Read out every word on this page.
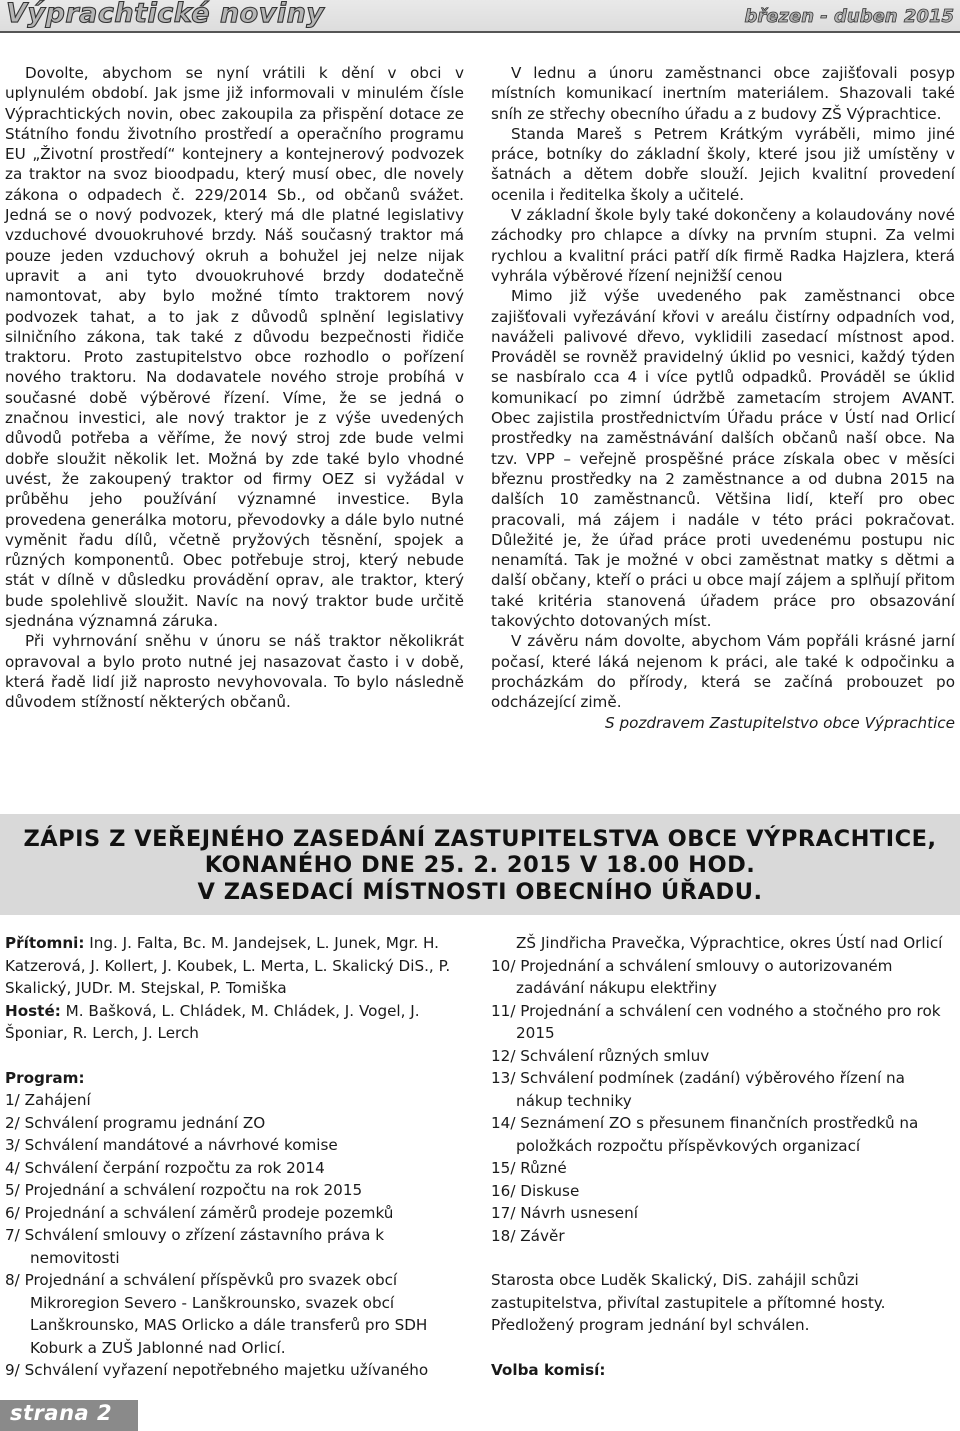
Výprachtické noviny	březen - duben 2015

Dovolte, abychom se nyní vrátili k dění v obci v uplynulém období. Jak jsme již informovali v minulém čísle Výprachtických novin, obec zakoupila za přispění dotace ze Státního fondu životního prostředí a operačního programu EU „Životní prostředí“ kontejnery a kontejnerový podvozek za traktor na svoz bioodpadu, který musí obec, dle novely zákona o odpadech č. 229/2014 Sb., od občanů svážet. Jedná se o nový podvozek, který má dle platné legislativy vzduchové dvouokruhové brzdy. Náš současný traktor má pouze jeden vzduchový okruh a bohužel jej nelze nijak upravit a ani tyto dvouokruhové brzdy dodatečně namontovat, aby bylo možné tímto traktorem nový podvozek tahat, a to jak z důvodů splnění legislativy silničního zákona, tak také z důvodu bezpečnosti řidiče traktoru. Proto zastupitelstvo obce rozhodlo o pořízení nového traktoru. Na dodavatele nového stroje probíhá v současné době výběrové řízení. Víme, že se jedná o značnou investici, ale nový traktor je z výše uvedených důvodů potřeba a věříme, že nový stroj zde bude velmi dobře sloužit několik let. Možná by zde také bylo vhodné uvést, že zakoupený traktor od firmy OEZ si vyžádal v průběhu jeho používání významné investice. Byla provedena generálka motoru, převodovky a dále bylo nutné vyměnit řadu dílů, včetně pryžových těsnění, spojek a různých komponentů. Obec potřebuje stroj, který nebude stát v dílně v důsledku provádění oprav, ale traktor, který bude spolehlivě sloužit. Navíc na nový traktor bude určitě sjednána významná záruka.

Při vyhrnování sněhu v únoru se náš traktor několikrát opravoval a bylo proto nutné jej nasazovat často i v době, která řadě lidí již naprosto nevyhovovala. To bylo následně důvodem stížností některých občanů.

V lednu a únoru zaměstnanci obce zajišťovali posyp místních komunikací inertním materiálem. Shazovali také sníh ze střechy obecního úřadu a z budovy ZŠ Výprachtice.

Standa Mareš s Petrem Krátkým vyráběli, mimo jiné práce, botníky do základní školy, které jsou již umístěny v šatnách a dětem dobře slouží. Jejich kvalitní provedení ocenila i ředitelka školy a učitelé.

V základní škole byly také dokončeny a kolaudovány nové záchodky pro chlapce a dívky na prvním stupni. Za velmi rychlou a kvalitní práci patří dík firmě Radka Hajzlera, která vyhrála výběrové řízení nejnižší cenou

Mimo již výše uvedeného pak zaměstnanci obce zajišťovali vyřezávání křovi v areálu čistírny odpadních vod, naváželi palivové dřevo, vyklidili zasedací místnost apod. Prováděl se rovněž pravidelný úklid po vesnici, každý týden se nasbíralo cca 4 i více pytlů odpadků. Prováděl se úklid komunikací po zimní údržbě zametacím strojem AVANT. Obec zajistila prostřednictvím Úřadu práce v Ústí nad Orlicí prostředky na zaměstnávání dalších občanů naší obce. Na tzv. VPP – veřejně prospěšné práce získala obec v měsíci březnu prostředky na 2 zaměstnance a od dubna 2015 na dalších 10 zaměstnanců. Většina lidí, kteří pro obec pracovali, má zájem i nadále v této práci pokračovat. Důležité je, že úřad práce proti uvedenému postupu nic nenamítá. Tak je možné v obci zaměstnat matky s dětmi a další občany, kteří o práci u obce mají zájem a splňují přitom také kritéria stanovená úřadem práce pro obsazování takovýchto dotovaných míst.

V závěru nám dovolte, abychom Vám popřáli krásné jarní počasí, které láká nejenom k práci, ale také k odpočinku a procházkám do přírody, která se začíná probouzet po odcházející zimě.

S pozdravem Zastupitelstvo obce Výprachtice

ZÁPIS Z VEŘEJNÉHO ZASEDÁNÍ ZASTUPITELSTVA OBCE VÝPRACHTICE,
KONANÉHO DNE 25. 2. 2015 V 18.00 HOD.
V ZASEDACÍ MÍSTNOSTI OBECNÍHO ÚŘADU.

Přítomni: Ing. J. Falta, Bc. M. Jandejsek, L. Junek, Mgr. H. Katzerová, J. Kollert, J. Koubek, L. Merta, L. Skalický DiS., P. Skalický, JUDr. M. Stejskal, P. Tomiška

Hosté: M. Bašková, L. Chládek, M. Chládek, J. Vogel, J. Šponiar, R. Lerch, J. Lerch

Program:

1/ Zahájení

2/ Schválení programu jednání ZO

3/ Schválení mandátové a návrhové komise

4/ Schválení čerpání rozpočtu za rok 2014

5/ Projednání a schválení rozpočtu na rok 2015

6/ Projednání a schválení záměrů prodeje pozemků

7/ Schválení smlouvy o zřízení zástavního práva k nemovitosti

8/ Projednání a schválení příspěvků pro svazek obcí Mikroregion Severo - Lanškrounsko, svazek obcí Lanškrounsko, MAS Orlicko a dále transferů pro SDH Koburk a ZUŠ Jablonné nad Orlicí.

9/ Schválení vyřazení nepotřebného majetku užívaného

ZŠ Jindřicha Pravečka, Výprachtice, okres Ústí nad Orlicí

10/ Projednání a schválení smlouvy o autorizovaném zadávání nákupu elektřiny

11/ Projednání a schválení cen vodného a stočného pro rok 2015

12/ Schválení různých smluv

13/ Schválení podmínek (zadání) výběrového řízení na nákup techniky

14/ Seznámení ZO s přesunem finančních prostředků na položkách rozpočtu příspěvkových organizací

15/ Různé

16/ Diskuse

17/ Návrh usnesení

18/ Závěr

Starosta obce Luděk Skalický, DiS. zahájil schůzi zastupitelstva, přivítal zastupitele a přítomné hosty.

Předložený program jednání byl schválen.

Volba komisí:

strana 2
